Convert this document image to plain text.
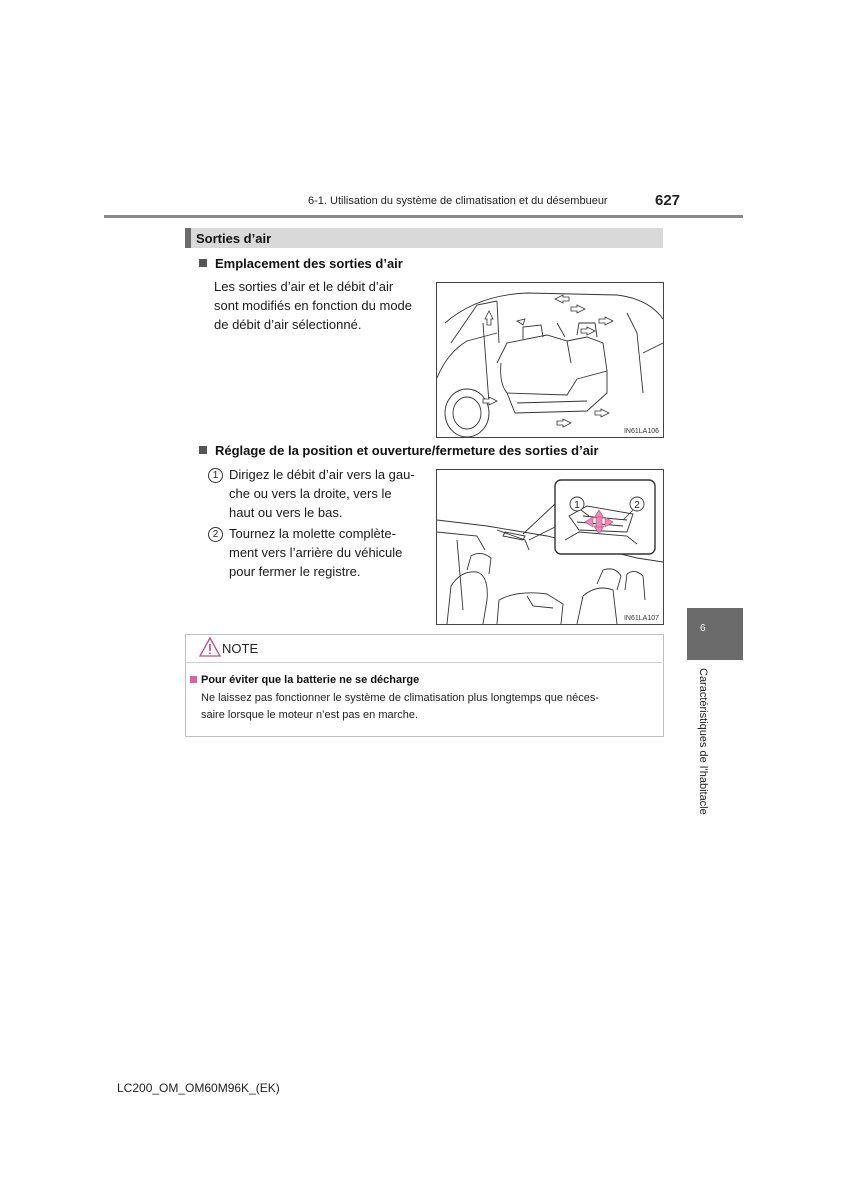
6-1. Utilisation du système de climatisation et du désembueur	627
Sorties d’air
Emplacement des sorties d’air
Les sorties d’air et le débit d’air
sont modifiés en fonction du mode
de débit d’air sélectionné.
IN61LA106
Réglage de la position et ouverture/fermeture des sorties d’air
1 Dirigez le débit d’air vers la gau-
che ou vers la droite, vers le
haut ou vers le bas.
2 Tournez la molette complète-
ment vers l’arrière du véhicule
pour fermer le registre.
1	2
IN61LA107
NOTE
Pour éviter que la batterie ne se décharge
Ne laissez pas fonctionner le système de climatisation plus longtemps que néces-
saire lorsque le moteur n’est pas en marche.
6
Caractéristiques de l’habitacle
LC200_OM_OM60M96K_(EK)
